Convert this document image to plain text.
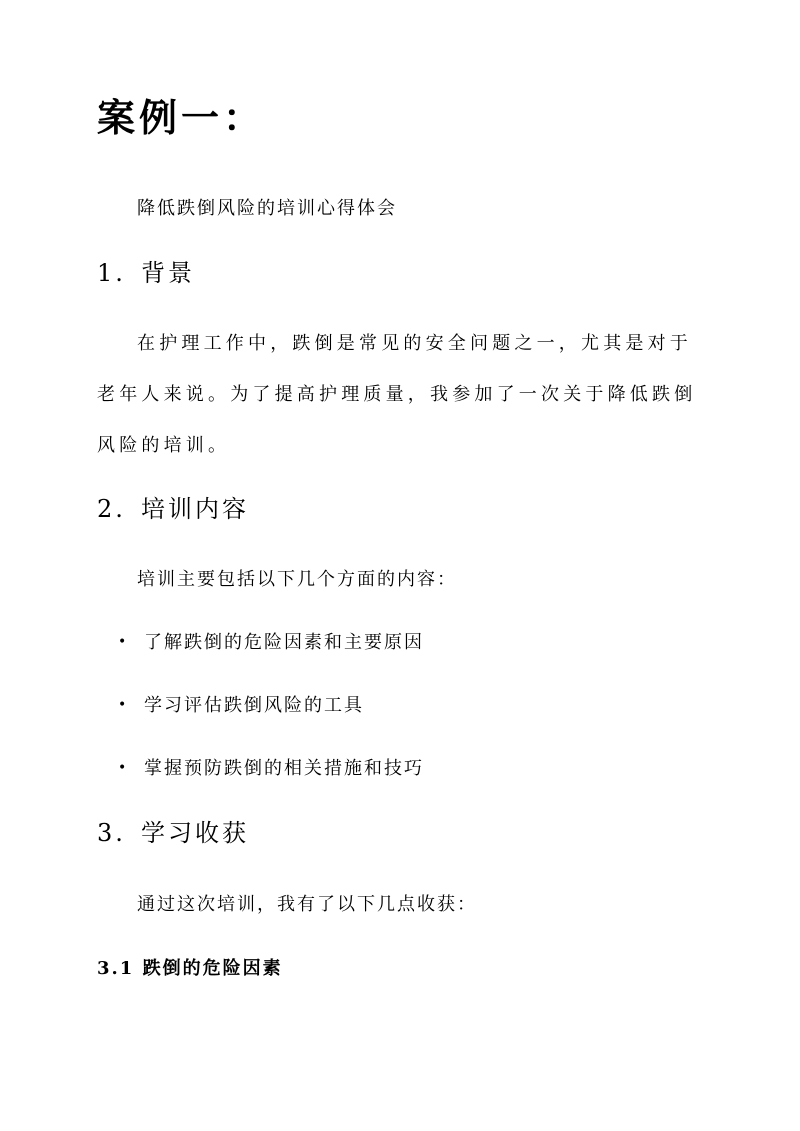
案例一：
降低跌倒风险的培训心得体会
1. 背景
在护理工作中，跌倒是常见的安全问题之一，尤其是对于老年人来说。为了提高护理质量，我参加了一次关于降低跌倒风险的培训。
2. 培训内容
培训主要包括以下几个方面的内容：
• 了解跌倒的危险因素和主要原因
• 学习评估跌倒风险的工具
• 掌握预防跌倒的相关措施和技巧
3. 学习收获
通过这次培训，我有了以下几点收获：
3.1 跌倒的危险因素
